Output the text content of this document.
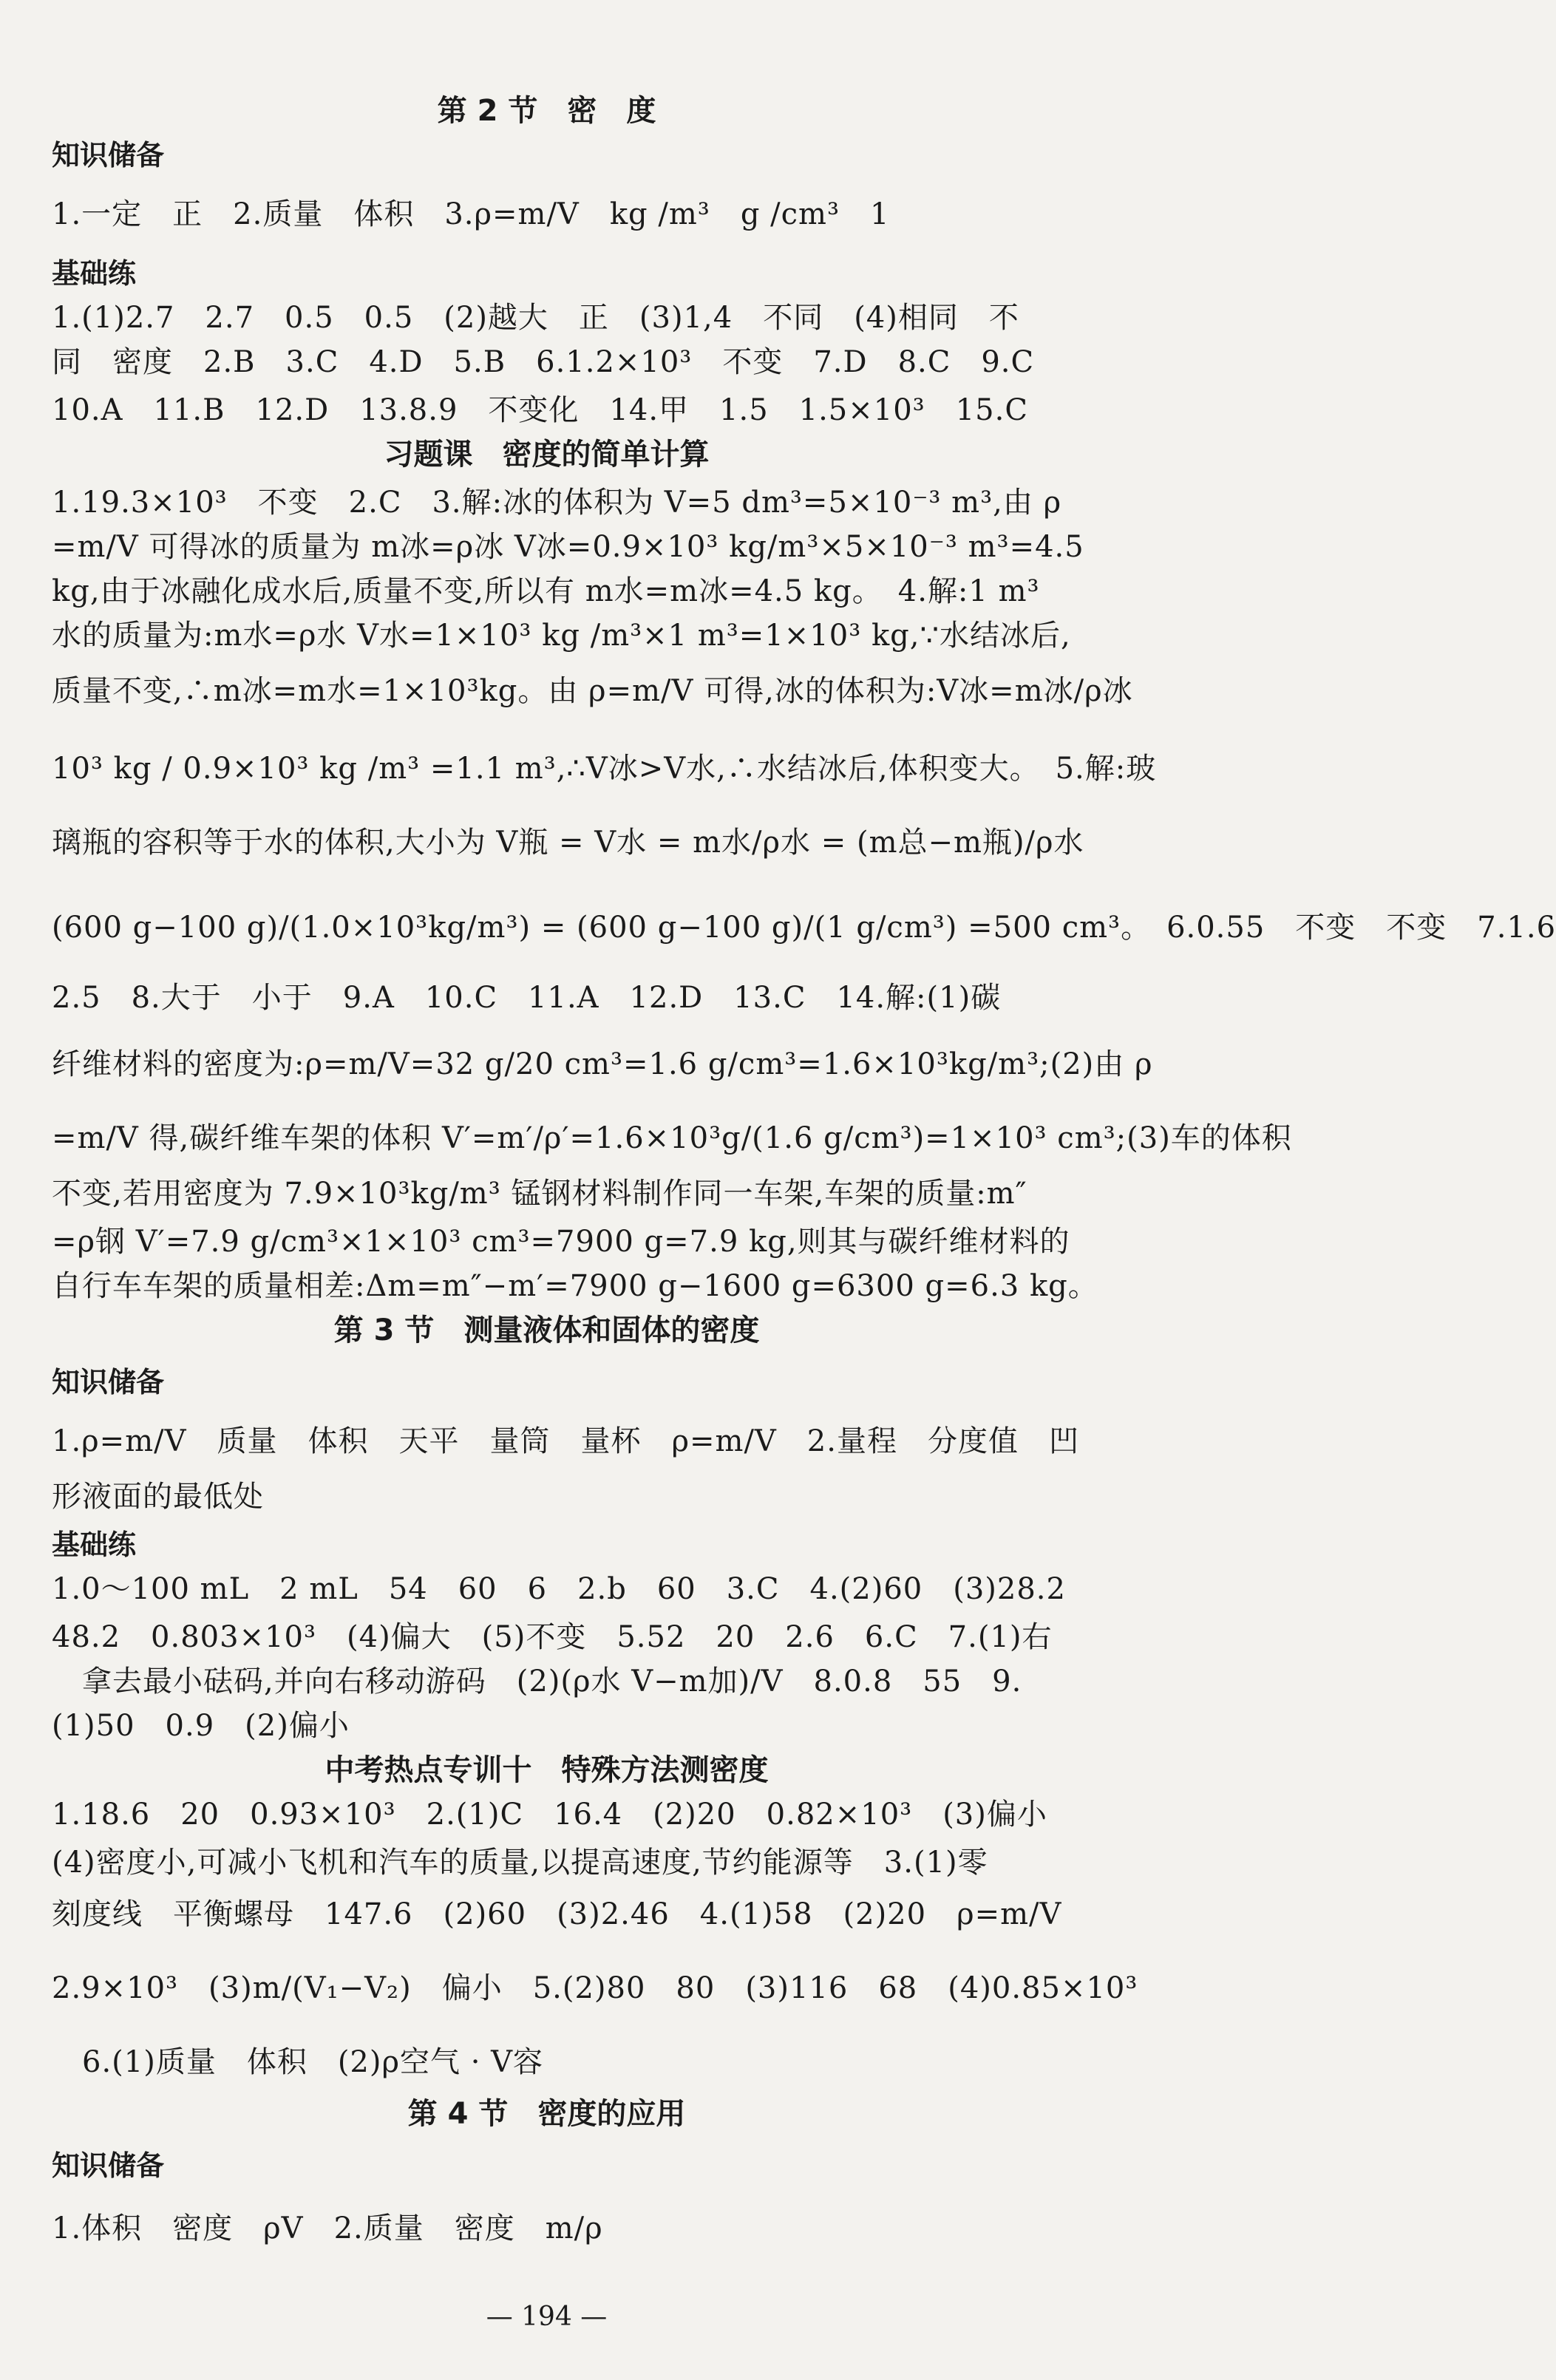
第 2 节　密　度
知识储备
1.一定　正　2.质量　体积　3.ρ=m/V　kg /m³　g /cm³　1
基础练
1.(1)2.7　2.7　0.5　0.5　(2)越大　正　(3)1,4　不同　(4)相同　不
同　密度　2.B　3.C　4.D　5.B　6.1.2×10³　不变　7.D　8.C　9.C
10.A　11.B　12.D　13.8.9　不变化　14.甲　1.5　1.5×10³　15.C
习题课　密度的简单计算
1.19.3×10³　不变　2.C　3.解:冰的体积为 V=5 dm³=5×10⁻³ m³,由 ρ
=m/V 可得冰的质量为 m冰=ρ冰 V冰=0.9×10³ kg/m³×5×10⁻³ m³=4.5
kg,由于冰融化成水后,质量不变,所以有 m水=m冰=4.5 kg。　4.解:1 m³
水的质量为:m水=ρ水 V水=1×10³ kg /m³×1 m³=1×10³ kg,∵水结冰后,
质量不变,∴m冰=m水=1×10³kg。由 ρ=m/V 可得,冰的体积为:V冰=m冰/ρ冰
10³ kg / 0.9×10³ kg /m³ =1.1 m³,∴V冰>V水,∴水结冰后,体积变大。　5.解:玻
璃瓶的容积等于水的体积,大小为 V瓶 = V水 = m水/ρ水 = (m总−m瓶)/ρ水
(600 g−100 g)/(1.0×10³kg/m³) = (600 g−100 g)/(1 g/cm³) =500 cm³。　6.0.55　不变　不变　7.1.6
2.5　8.大于　小于　9.A　10.C　11.A　12.D　13.C　14.解:(1)碳
纤维材料的密度为:ρ=m/V=32 g/20 cm³=1.6 g/cm³=1.6×10³kg/m³;(2)由 ρ
=m/V 得,碳纤维车架的体积 V′=m′/ρ′=1.6×10³g/(1.6 g/cm³)=1×10³ cm³;(3)车的体积
不变,若用密度为 7.9×10³kg/m³ 锰钢材料制作同一车架,车架的质量:m″
=ρ钢 V′=7.9 g/cm³×1×10³ cm³=7900 g=7.9 kg,则其与碳纤维材料的
自行车车架的质量相差:Δm=m″−m′=7900 g−1600 g=6300 g=6.3 kg。
第 3 节　测量液体和固体的密度
知识储备
1.ρ=m/V　质量　体积　天平　量筒　量杯　ρ=m/V　2.量程　分度值　凹
形液面的最低处
基础练
1.0～100 mL　2 mL　54　60　6　2.b　60　3.C　4.(2)60　(3)28.2
48.2　0.803×10³　(4)偏大　(5)不变　5.52　20　2.6　6.C　7.(1)右
　拿去最小砝码,并向右移动游码　(2)(ρ水 V−m加)/V　8.0.8　55　9.
(1)50　0.9　(2)偏小
中考热点专训十　特殊方法测密度
1.18.6　20　0.93×10³　2.(1)C　16.4　(2)20　0.82×10³　(3)偏小
(4)密度小,可减小飞机和汽车的质量,以提高速度,节约能源等　3.(1)零
刻度线　平衡螺母　147.6　(2)60　(3)2.46　4.(1)58　(2)20　ρ=m/V
2.9×10³　(3)m/(V₁−V₂)　偏小　5.(2)80　80　(3)116　68　(4)0.85×10³
　6.(1)质量　体积　(2)ρ空气 · V容
第 4 节　密度的应用
知识储备
1.体积　密度　ρV　2.质量　密度　m/ρ
— 194 —
